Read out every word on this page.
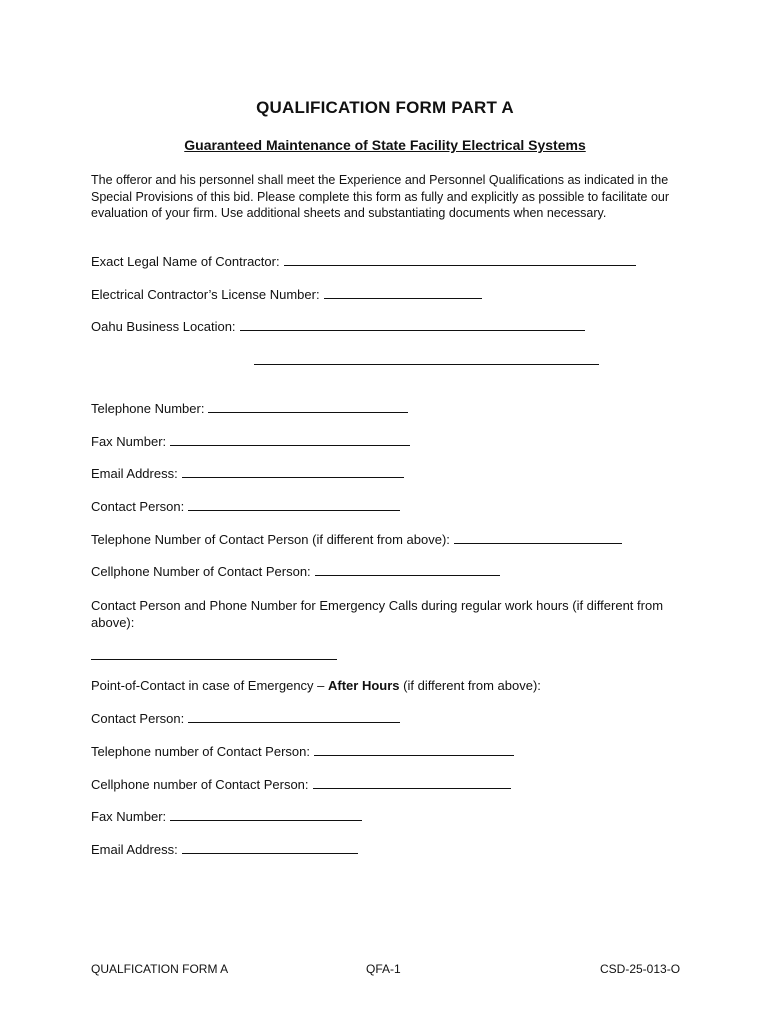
QUALIFICATION FORM PART A
Guaranteed Maintenance of State Facility Electrical Systems
The offeror and his personnel shall meet the Experience and Personnel Qualifications as indicated in the Special Provisions of this bid. Please complete this form as fully and explicitly as possible to facilitate our evaluation of your firm. Use additional sheets and substantiating documents when necessary.
Exact Legal Name of Contractor:
Electrical Contractor’s License Number:
Oahu Business Location:
Telephone Number:
Fax Number:
Email Address:
Contact Person:
Telephone Number of Contact Person (if different from above):
Cellphone Number of Contact Person:
Contact Person and Phone Number for Emergency Calls during regular work hours (if different from above):
Point-of-Contact in case of Emergency – After Hours (if different from above):
Contact Person:
Telephone number of Contact Person:
Cellphone number of Contact Person:
Fax Number:
Email Address:
QUALFICATION FORM A	QFA-1	CSD-25-013-O
